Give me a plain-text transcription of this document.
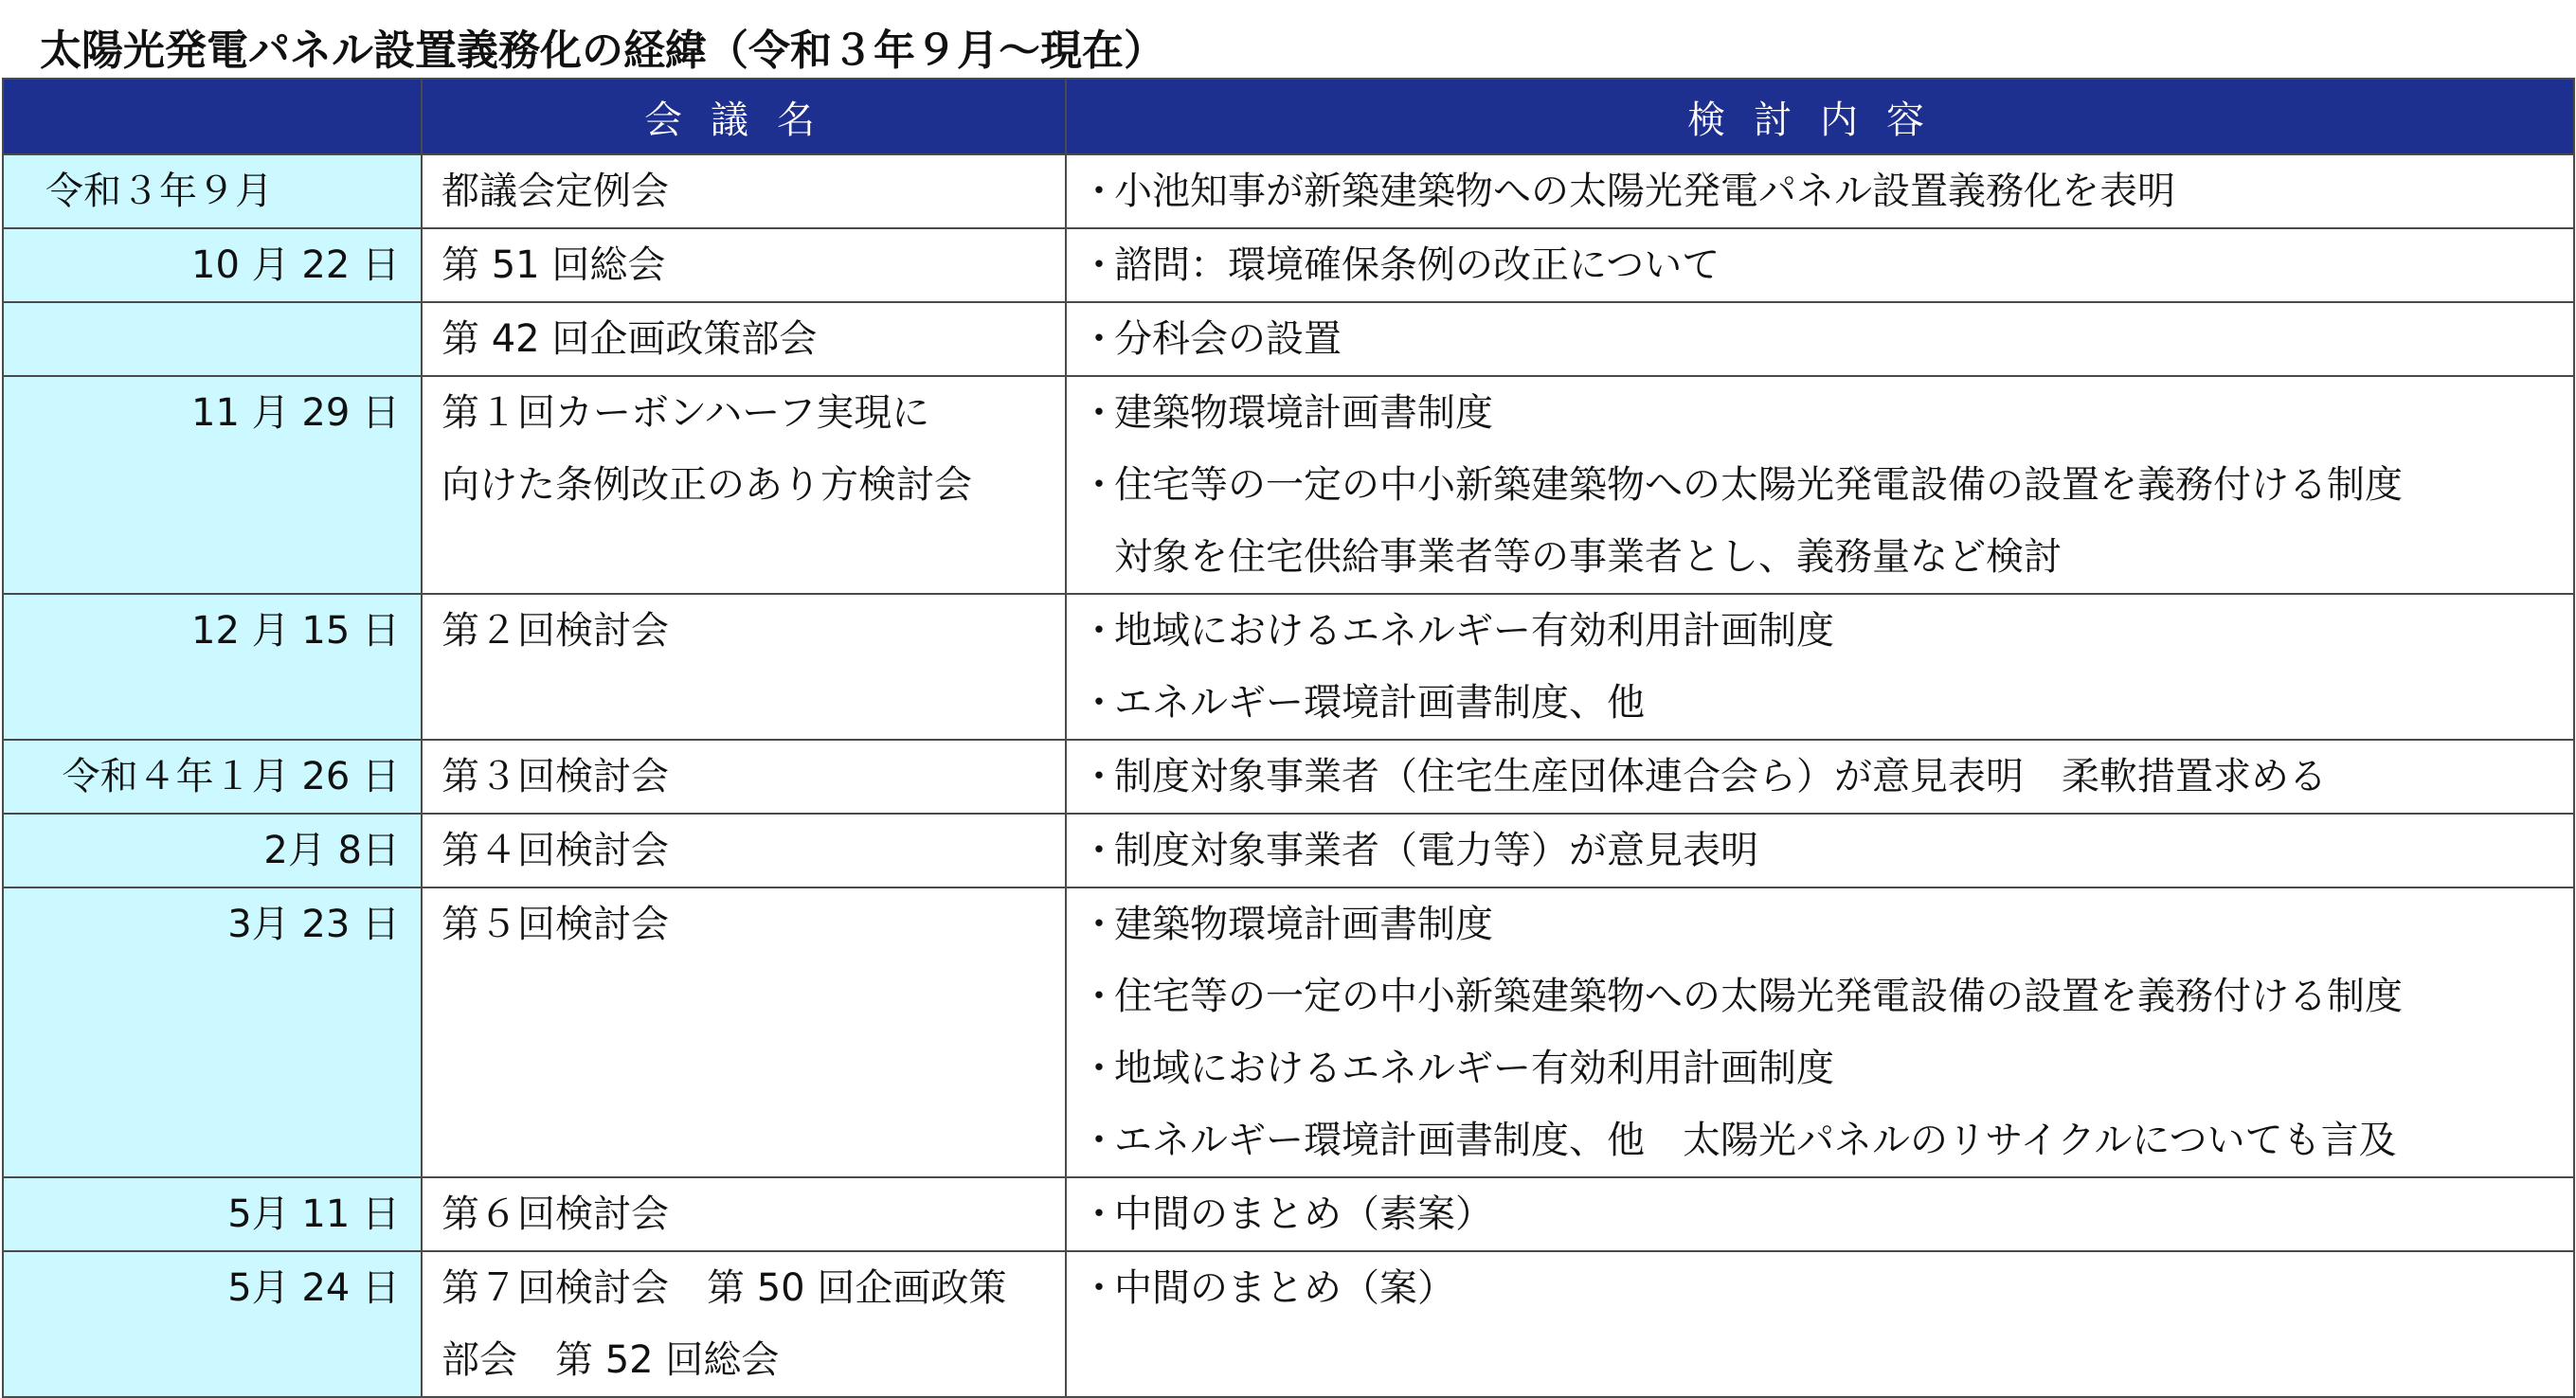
太陽光発電パネル設置義務化の経緯（令和３年９月～現在）
	会議名	検討内容
令和３年９月	都議会定例会	・小池知事が新築建築物への太陽光発電パネル設置義務化を表明

10 月 22 日	第 51 回総会	・諮問：環境確保条例の改正について

	第 42 回企画政策部会	・分科会の設置

11 月 29 日	第１回カーボンハーフ実現に
向けた条例改正のあり方検討会	・建築物環境計画書制度
・住宅等の一定の中小新築建築物への太陽光発電設備の設置を義務付ける制度
対象を住宅供給事業者等の事業者とし、義務量など検討

12 月 15 日	第２回検討会	・地域におけるエネルギー有効利用計画制度
・エネルギー環境計画書制度、他

令和４年１月 26 日	第３回検討会	・制度対象事業者（住宅生産団体連合会ら）が意見表明　柔軟措置求める

2月 8日	第４回検討会	・制度対象事業者（電力等）が意見表明

3月 23 日	第５回検討会	・建築物環境計画書制度
・住宅等の一定の中小新築建築物への太陽光発電設備の設置を義務付ける制度
・地域におけるエネルギー有効利用計画制度
・エネルギー環境計画書制度、他　太陽光パネルのリサイクルについても言及

5月 11 日	第６回検討会	・中間のまとめ（素案）

5月 24 日	第７回検討会　第 50 回企画政策
部会　第 52 回総会	・中間のまとめ（案）
